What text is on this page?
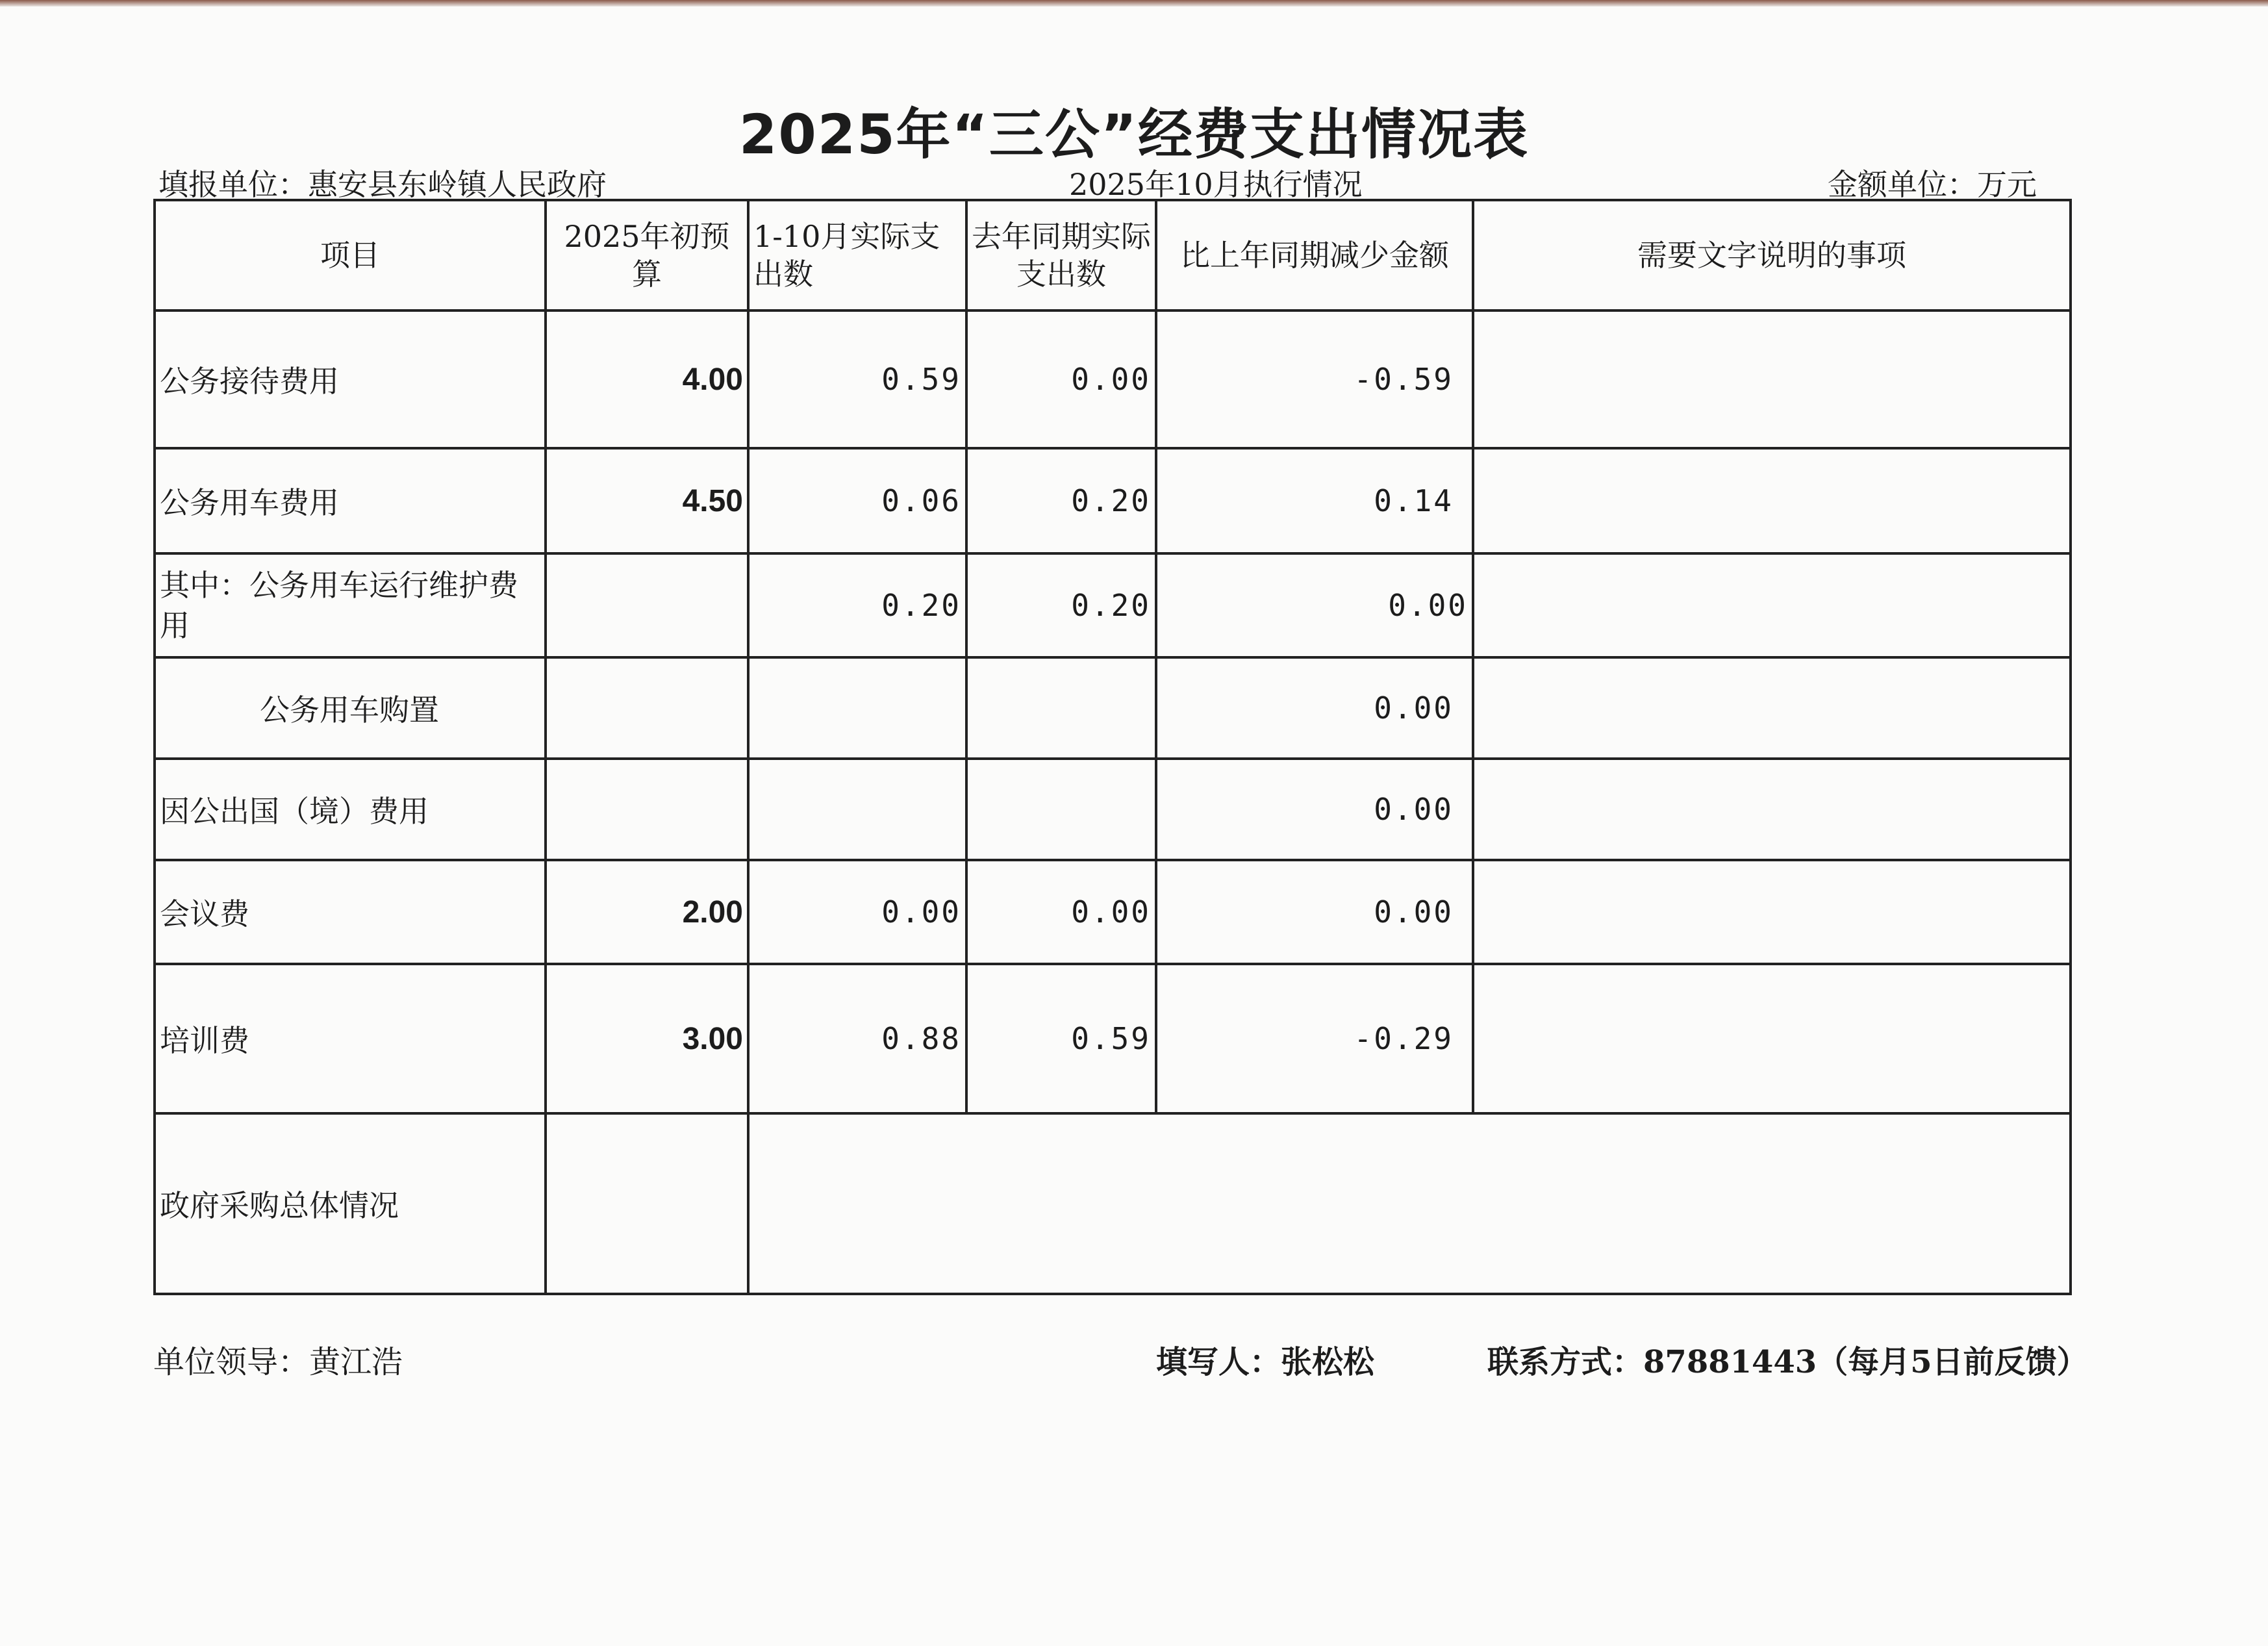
2025年“三公”经费支出情况表
填报单位：惠安县东岭镇人民政府	2025年10月执行情况	金额单位：万元
项目	2025年初预算	1-10月实际支出数	去年同期实际支出数	比上年同期减少金额	需要文字说明的事项
公务接待费用	4.00	0.59	0.00	-0.59	
公务用车费用	4.50	0.06	0.20	0.14	
其中：公务用车运行维护费用		0.20	0.20	0.00	
公务用车购置				0.00	
因公出国（境）费用				0.00	
会议费	2.00	0.00	0.00	0.00	
培训费	3.00	0.88	0.59	-0.29	
政府采购总体情况					
单位领导：黄江浩	填写人：张松松	联系方式：87881443（每月5日前反馈）
